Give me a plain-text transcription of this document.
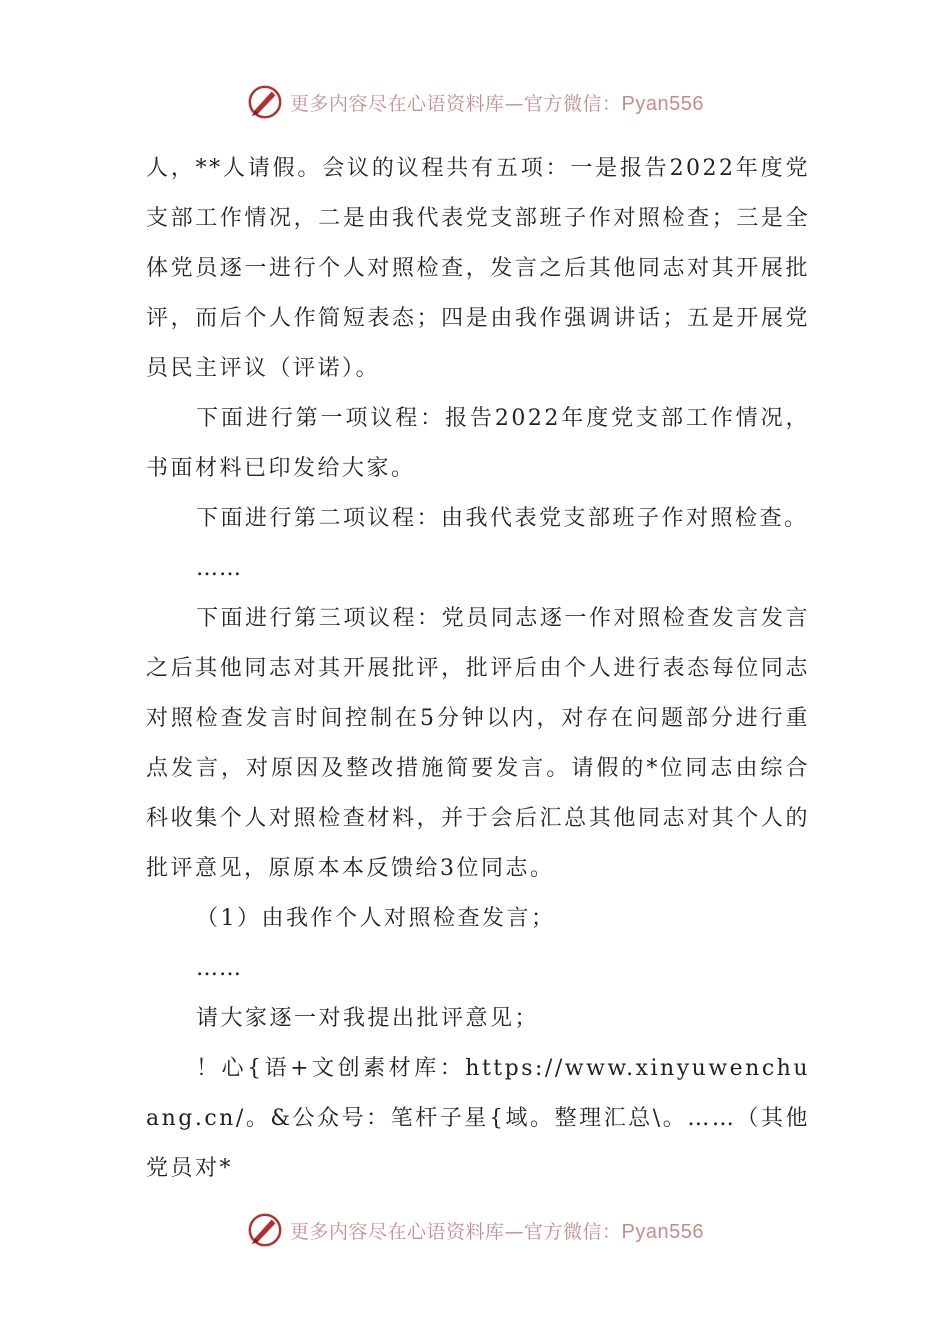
更多内容尽在心语资料库—官方微信：Pyan556

人，**人请假。会议的议程共有五项：一是报告2022年度党支部工作情况，二是由我代表党支部班子作对照检查；三是全体党员逐一进行个人对照检查，发言之后其他同志对其开展批评，而后个人作简短表态；四是由我作强调讲话；五是开展党员民主评议（评诺）。

下面进行第一项议程：报告2022年度党支部工作情况，书面材料已印发给大家。

下面进行第二项议程：由我代表党支部班子作对照检查。

……

下面进行第三项议程：党员同志逐一作对照检查发言发言之后其他同志对其开展批评，批评后由个人进行表态每位同志对照检查发言时间控制在5分钟以内，对存在问题部分进行重点发言，对原因及整改措施简要发言。请假的*位同志由综合科收集个人对照检查材料，并于会后汇总其他同志对其个人的批评意见，原原本本反馈给3位同志。

（1）由我作个人对照检查发言；

……

请大家逐一对我提出批评意见；

！心{语+文创素材库：https://www.xinyuwenchuang.cn/。&公众号：笔杆子星{域。整理汇总\。……（其他党员对*

更多内容尽在心语资料库—官方微信：Pyan556
